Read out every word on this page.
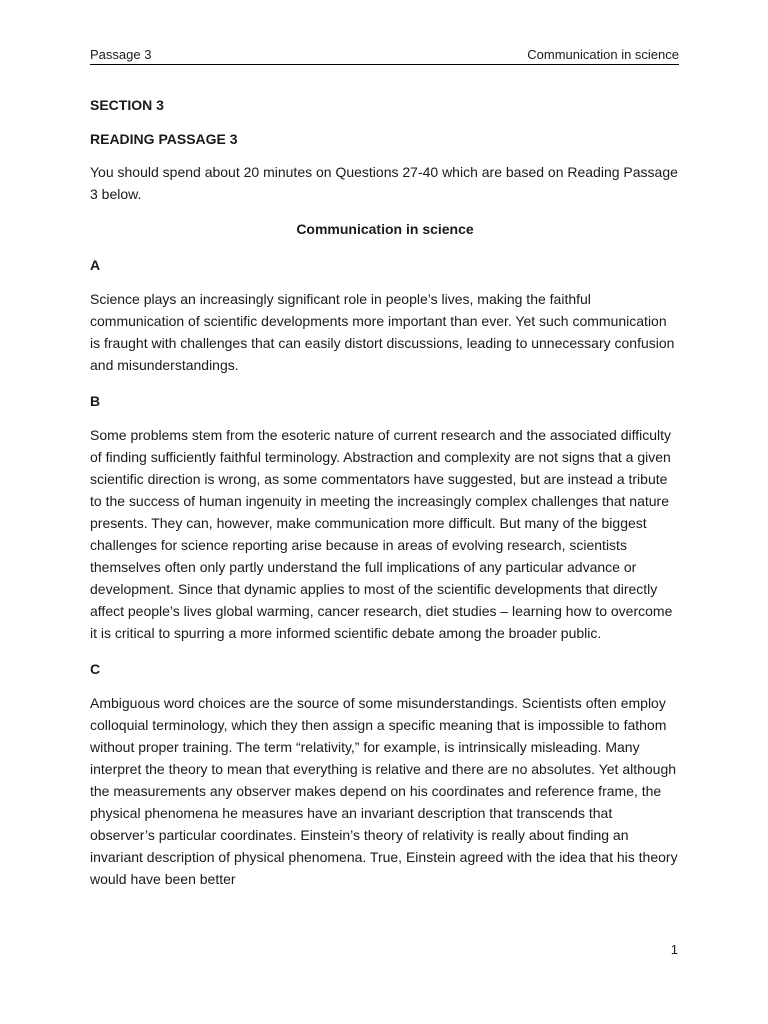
Passage 3	Communication in science

SECTION 3

READING PASSAGE 3

You should spend about 20 minutes on Questions 27-40 which are based on Reading Passage 3 below.

Communication in science

A

Science plays an increasingly significant role in people’s lives, making the faithful communication of scientific developments more important than ever. Yet such communication is fraught with challenges that can easily distort discussions, leading to unnecessary confusion and misunderstandings.

B

Some problems stem from the esoteric nature of current research and the associated difficulty of finding sufficiently faithful terminology. Abstraction and complexity are not signs that a given scientific direction is wrong, as some commentators have suggested, but are instead a tribute to the success of human ingenuity in meeting the increasingly complex challenges that nature presents. They can, however, make communication more difficult. But many of the biggest challenges for science reporting arise because in areas of evolving research, scientists themselves often only partly understand the full implications of any particular advance or development. Since that dynamic applies to most of the scientific developments that directly affect people’s lives global warming, cancer research, diet studies – learning how to overcome it is critical to spurring a more informed scientific debate among the broader public.

C

Ambiguous word choices are the source of some misunderstandings. Scientists often employ colloquial terminology, which they then assign a specific meaning that is impossible to fathom without proper training. The term “relativity,” for example, is intrinsically misleading. Many interpret the theory to mean that everything is relative and there are no absolutes. Yet although the measurements any observer makes depend on his coordinates and reference frame, the physical phenomena he measures have an invariant description that transcends that observer’s particular coordinates. Einstein’s theory of relativity is really about finding an invariant description of physical phenomena. True, Einstein agreed with the idea that his theory would have been better

1
